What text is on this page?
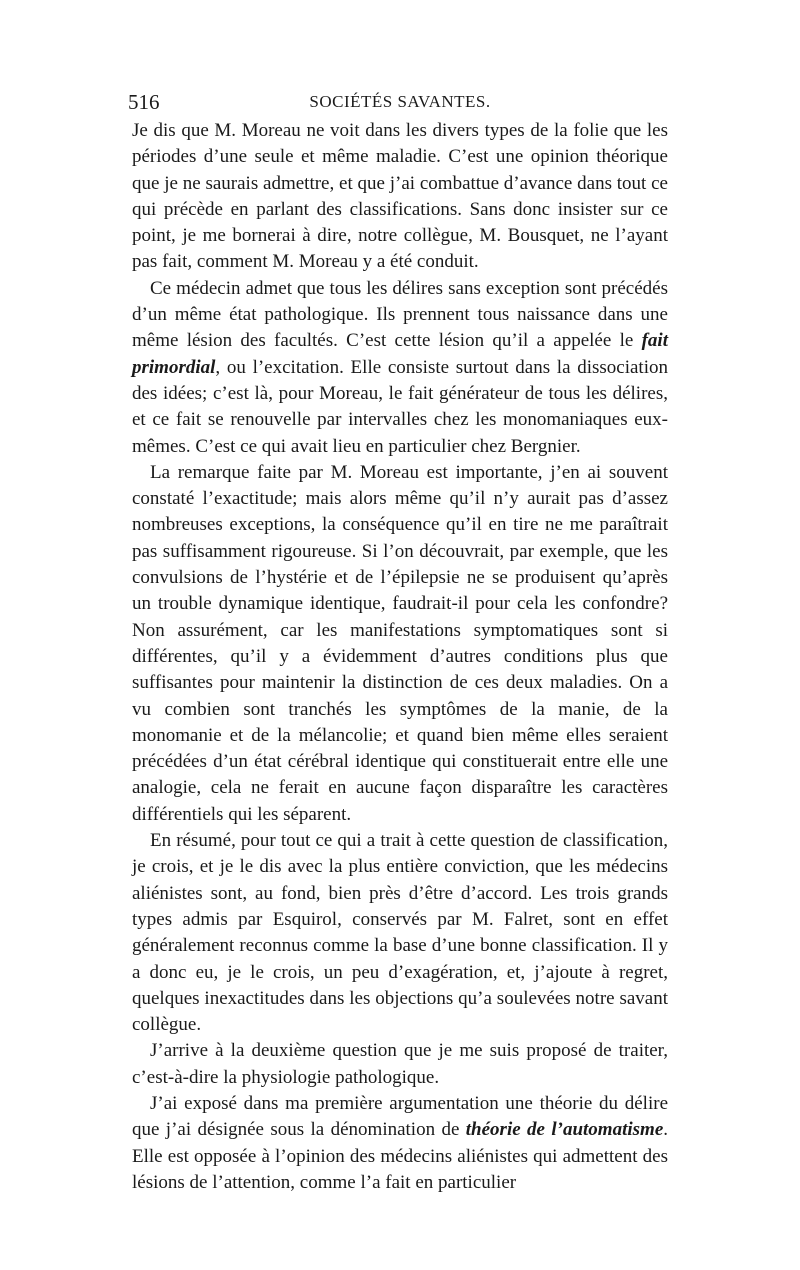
516	SOCIÉTÉS SAVANTES.

Je dis que M. Moreau ne voit dans les divers types de la folie que les périodes d’une seule et même maladie. C’est une opinion théorique que je ne saurais admettre, et que j’ai combattue d’avance dans tout ce qui précède en parlant des classifications. Sans donc insister sur ce point, je me bornerai à dire, notre collègue, M. Bousquet, ne l’ayant pas fait, comment M. Moreau y a été conduit.

Ce médecin admet que tous les délires sans exception sont précédés d’un même état pathologique. Ils prennent tous naissance dans une même lésion des facultés. C’est cette lésion qu’il a appelée le fait primordial, ou l’excitation. Elle consiste surtout dans la dissociation des idées; c’est là, pour Moreau, le fait générateur de tous les délires, et ce fait se renouvelle par intervalles chez les monomaniaques eux-mêmes. C’est ce qui avait lieu en particulier chez Bergnier.

La remarque faite par M. Moreau est importante, j’en ai souvent constaté l’exactitude; mais alors même qu’il n’y aurait pas d’assez nombreuses exceptions, la conséquence qu’il en tire ne me paraîtrait pas suffisamment rigoureuse. Si l’on découvrait, par exemple, que les convulsions de l’hystérie et de l’épilepsie ne se produisent qu’après un trouble dynamique identique, faudrait-il pour cela les confondre? Non assurément, car les manifestations symptomatiques sont si différentes, qu’il y a évidemment d’autres conditions plus que suffisantes pour maintenir la distinction de ces deux maladies. On a vu combien sont tranchés les symptômes de la manie, de la monomanie et de la mélancolie; et quand bien même elles seraient précédées d’un état cérébral identique qui constituerait entre elle une analogie, cela ne ferait en aucune façon disparaître les caractères différentiels qui les séparent.

En résumé, pour tout ce qui a trait à cette question de classification, je crois, et je le dis avec la plus entière conviction, que les médecins aliénistes sont, au fond, bien près d’être d’accord. Les trois grands types admis par Esquirol, conservés par M. Falret, sont en effet généralement reconnus comme la base d’une bonne classification. Il y a donc eu, je le crois, un peu d’exagération, et, j’ajoute à regret, quelques inexactitudes dans les objections qu’a soulevées notre savant collègue.

J’arrive à la deuxième question que je me suis proposé de traiter, c’est-à-dire la physiologie pathologique.

J’ai exposé dans ma première argumentation une théorie du délire que j’ai désignée sous la dénomination de théorie de l’automatisme. Elle est opposée à l’opinion des médecins aliénistes qui admettent des lésions de l’attention, comme l’a fait en particulier
